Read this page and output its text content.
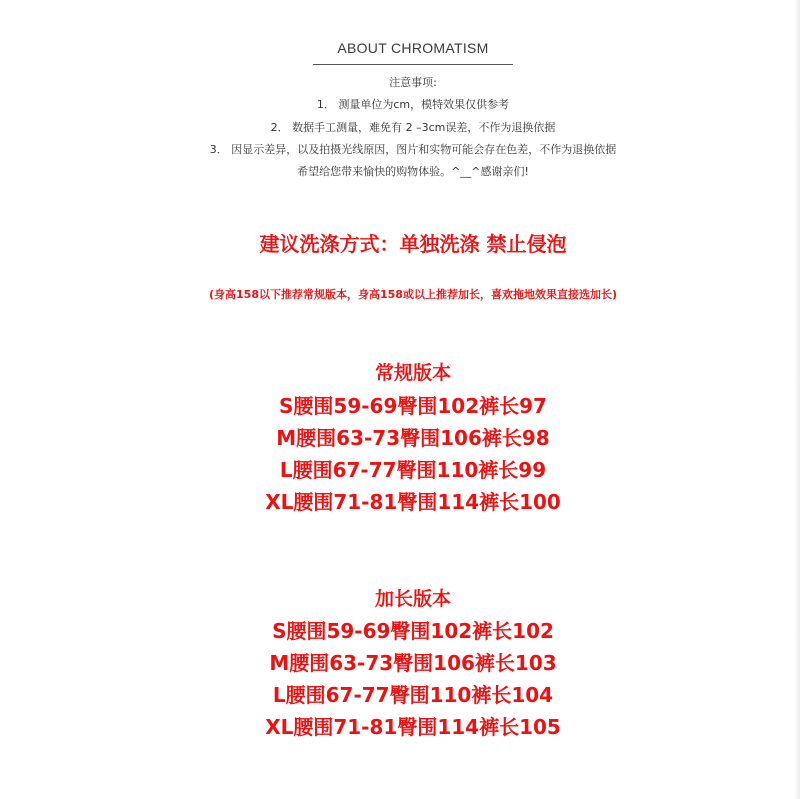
ABOUT CHROMATISM
注意事项:
1． 测量单位为cm，模特效果仅供参考
2． 数据手工测量，难免有 2 –3cm误差，不作为退换依据
3． 因显示差异，以及拍摄光线原因，图片和实物可能会存在色差，不作为退换依据
希望给您带来愉快的购物体验。^__^感谢亲们!
建议洗涤方式：单独洗涤 禁止侵泡
(身高158以下推荐常规版本，身高158或以上推荐加长，喜欢拖地效果直接选加长)
常规版本
S腰围59-69臀围102裤长97
M腰围63-73臀围106裤长98
L腰围67-77臀围110裤长99
XL腰围71-81臀围114裤长100
加长版本
S腰围59-69臀围102裤长102
M腰围63-73臀围106裤长103
L腰围67-77臀围110裤长104
XL腰围71-81臀围114裤长105
